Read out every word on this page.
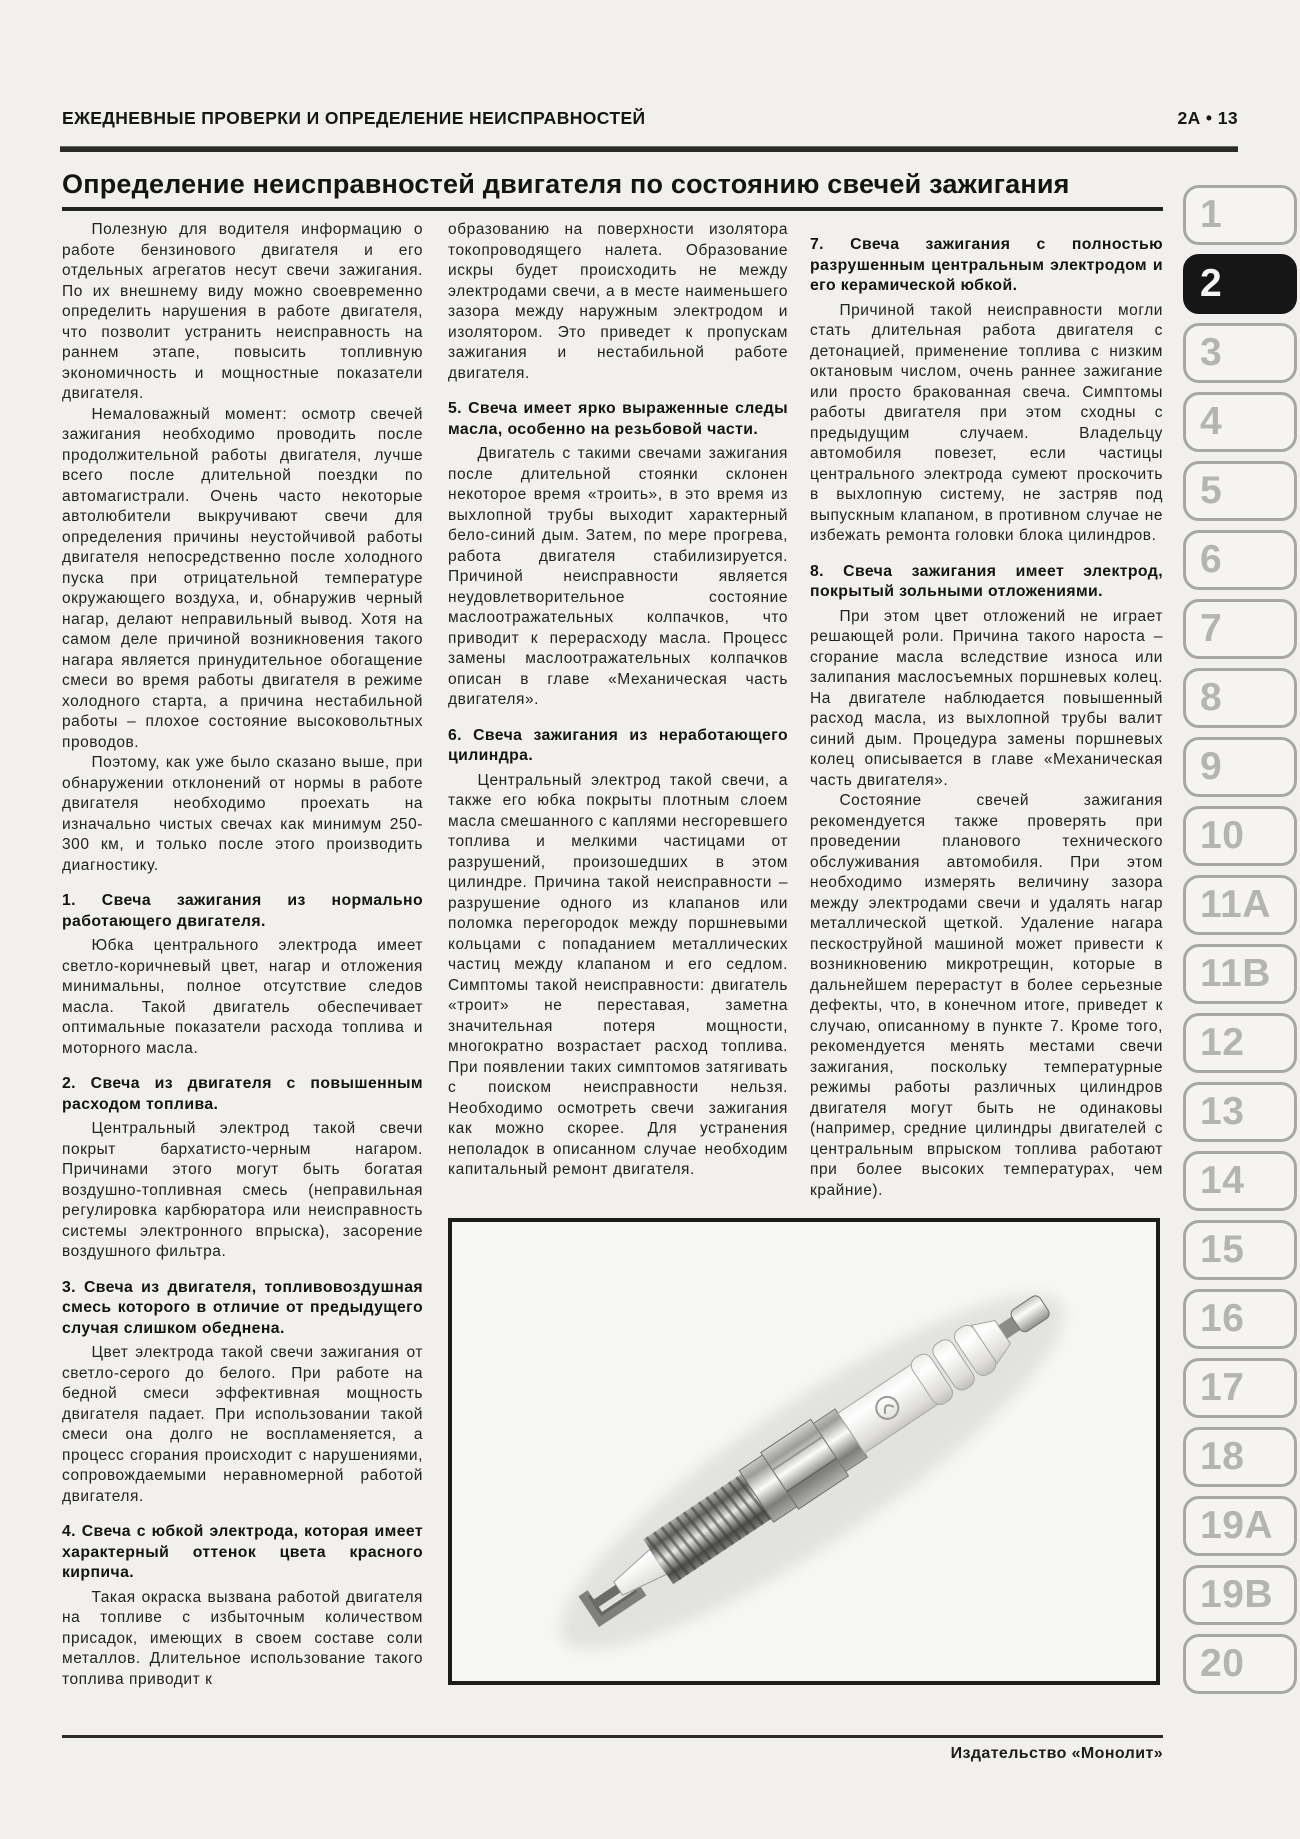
ЕЖЕДНЕВНЫЕ ПРОВЕРКИ И ОПРЕДЕЛЕНИЕ НЕИСПРАВНОСТЕЙ	2А • 13
Определение неисправностей двигателя по состоянию свечей зажигания

Полезную для водителя информацию о работе бензинового двигателя и его отдельных агрегатов несут свечи зажигания. По их внешнему виду можно своевременно определить нарушения в работе двигателя, что позволит устранить неисправность на раннем этапе, повысить топливную экономичность и мощностные показатели двигателя.

Немаловажный момент: осмотр свечей зажигания необходимо проводить после продолжительной работы двигателя, лучше всего после длительной поездки по автомагистрали. Очень часто некоторые автолюбители выкручивают свечи для определения причины неустойчивой работы двигателя непосредственно после холодного пуска при отрицательной температуре окружающего воздуха, и, обнаружив черный нагар, делают неправильный вывод. Хотя на самом деле причиной возникновения такого нагара является принудительное обогащение смеси во время работы двигателя в режиме холодного старта, а причина нестабильной работы – плохое состояние высоковольтных проводов.

Поэтому, как уже было сказано выше, при обнаружении отклонений от нормы в работе двигателя необходимо проехать на изначально чистых свечах как минимум 250-300 км, и только после этого производить диагностику.

1. Свеча зажигания из нормально работающего двигателя.

Юбка центрального электрода имеет светло-коричневый цвет, нагар и отложения минимальны, полное отсутствие следов масла. Такой двигатель обеспечивает оптимальные показатели расхода топлива и моторного масла.

2. Свеча из двигателя с повышенным расходом топлива.

Центральный электрод такой свечи покрыт бархатисто-черным нагаром. Причинами этого могут быть богатая воздушно-топливная смесь (неправильная регулировка карбюратора или неисправность системы электронного впрыска), засорение воздушного фильтра.

3. Свеча из двигателя, топливовоздушная смесь которого в отличие от предыдущего случая слишком обеднена.

Цвет электрода такой свечи зажигания от светло-серого до белого. При работе на бедной смеси эффективная мощность двигателя падает. При использовании такой смеси она долго не воспламеняется, а процесс сгорания происходит с нарушениями, сопровождаемыми неравномерной работой двигателя.

4. Свеча с юбкой электрода, которая имеет характерный оттенок цвета красного кирпича.

Такая окраска вызвана работой двигателя на топливе с избыточным количеством присадок, имеющих в своем составе соли металлов. Длительное использование такого топлива приводит к

образованию на поверхности изолятора токопроводящего налета. Образование искры будет происходить не между электродами свечи, а в месте наименьшего зазора между наружным электродом и изолятором. Это приведет к пропускам зажигания и нестабильной работе двигателя.

5. Свеча имеет ярко выраженные следы масла, особенно на резьбовой части.

Двигатель с такими свечами зажигания после длительной стоянки склонен некоторое время «троить», в это время из выхлопной трубы выходит характерный бело-синий дым. Затем, по мере прогрева, работа двигателя стабилизируется. Причиной неисправности является неудовлетворительное состояние маслоотражательных колпачков, что приводит к перерасходу масла. Процесс замены маслоотражательных колпачков описан в главе «Механическая часть двигателя».

6. Свеча зажигания из неработающего цилиндра.

Центральный электрод такой свечи, а также его юбка покрыты плотным слоем масла смешанного с каплями несгоревшего топлива и мелкими частицами от разрушений, произошедших в этом цилиндре. Причина такой неисправности – разрушение одного из клапанов или поломка перегородок между поршневыми кольцами с попаданием металлических частиц между клапаном и его седлом. Симптомы такой неисправности: двигатель «троит» не переставая, заметна значительная потеря мощности, многократно возрастает расход топлива. При появлении таких симптомов затягивать с поиском неисправности нельзя. Необходимо осмотреть свечи зажигания как можно скорее. Для устранения неполадок в описанном случае необходим капитальный ремонт двигателя.

7. Свеча зажигания с полностью разрушенным центральным электродом и его керамической юбкой.

Причиной такой неисправности могли стать длительная работа двигателя с детонацией, применение топлива с низким октановым числом, очень раннее зажигание или просто бракованная свеча. Симптомы работы двигателя при этом сходны с предыдущим случаем. Владельцу автомобиля повезет, если частицы центрального электрода сумеют проскочить в выхлопную систему, не застряв под выпускным клапаном, в противном случае не избежать ремонта головки блока цилиндров.

8. Свеча зажигания имеет электрод, покрытый зольными отложениями.

При этом цвет отложений не играет решающей роли. Причина такого нароста – сгорание масла вследствие износа или залипания маслосъемных поршневых колец. На двигателе наблюдается повышенный расход масла, из выхлопной трубы валит синий дым. Процедура замены поршневых колец описывается в главе «Механическая часть двигателя».

Состояние свечей зажигания рекомендуется также проверять при проведении планового технического обслуживания автомобиля. При этом необходимо измерять величину зазора между электродами свечи и удалять нагар металлической щеткой. Удаление нагара пескоструйной машиной может привести к возникновению микротрещин, которые в дальнейшем перерастут в более серьезные дефекты, что, в конечном итоге, приведет к случаю, описанному в пункте 7. Кроме того, рекомендуется менять местами свечи зажигания, поскольку температурные режимы работы различных цилиндров двигателя могут быть не одинаковы (например, средние цилиндры двигателей с центральным впрыском топлива работают при более высоких температурах, чем крайние).

1
2
3
4
5
6
7
8
9
10
11A
11B
12
13
14
15
16
17
18
19A
19B
20
Издательство «Монолит»
